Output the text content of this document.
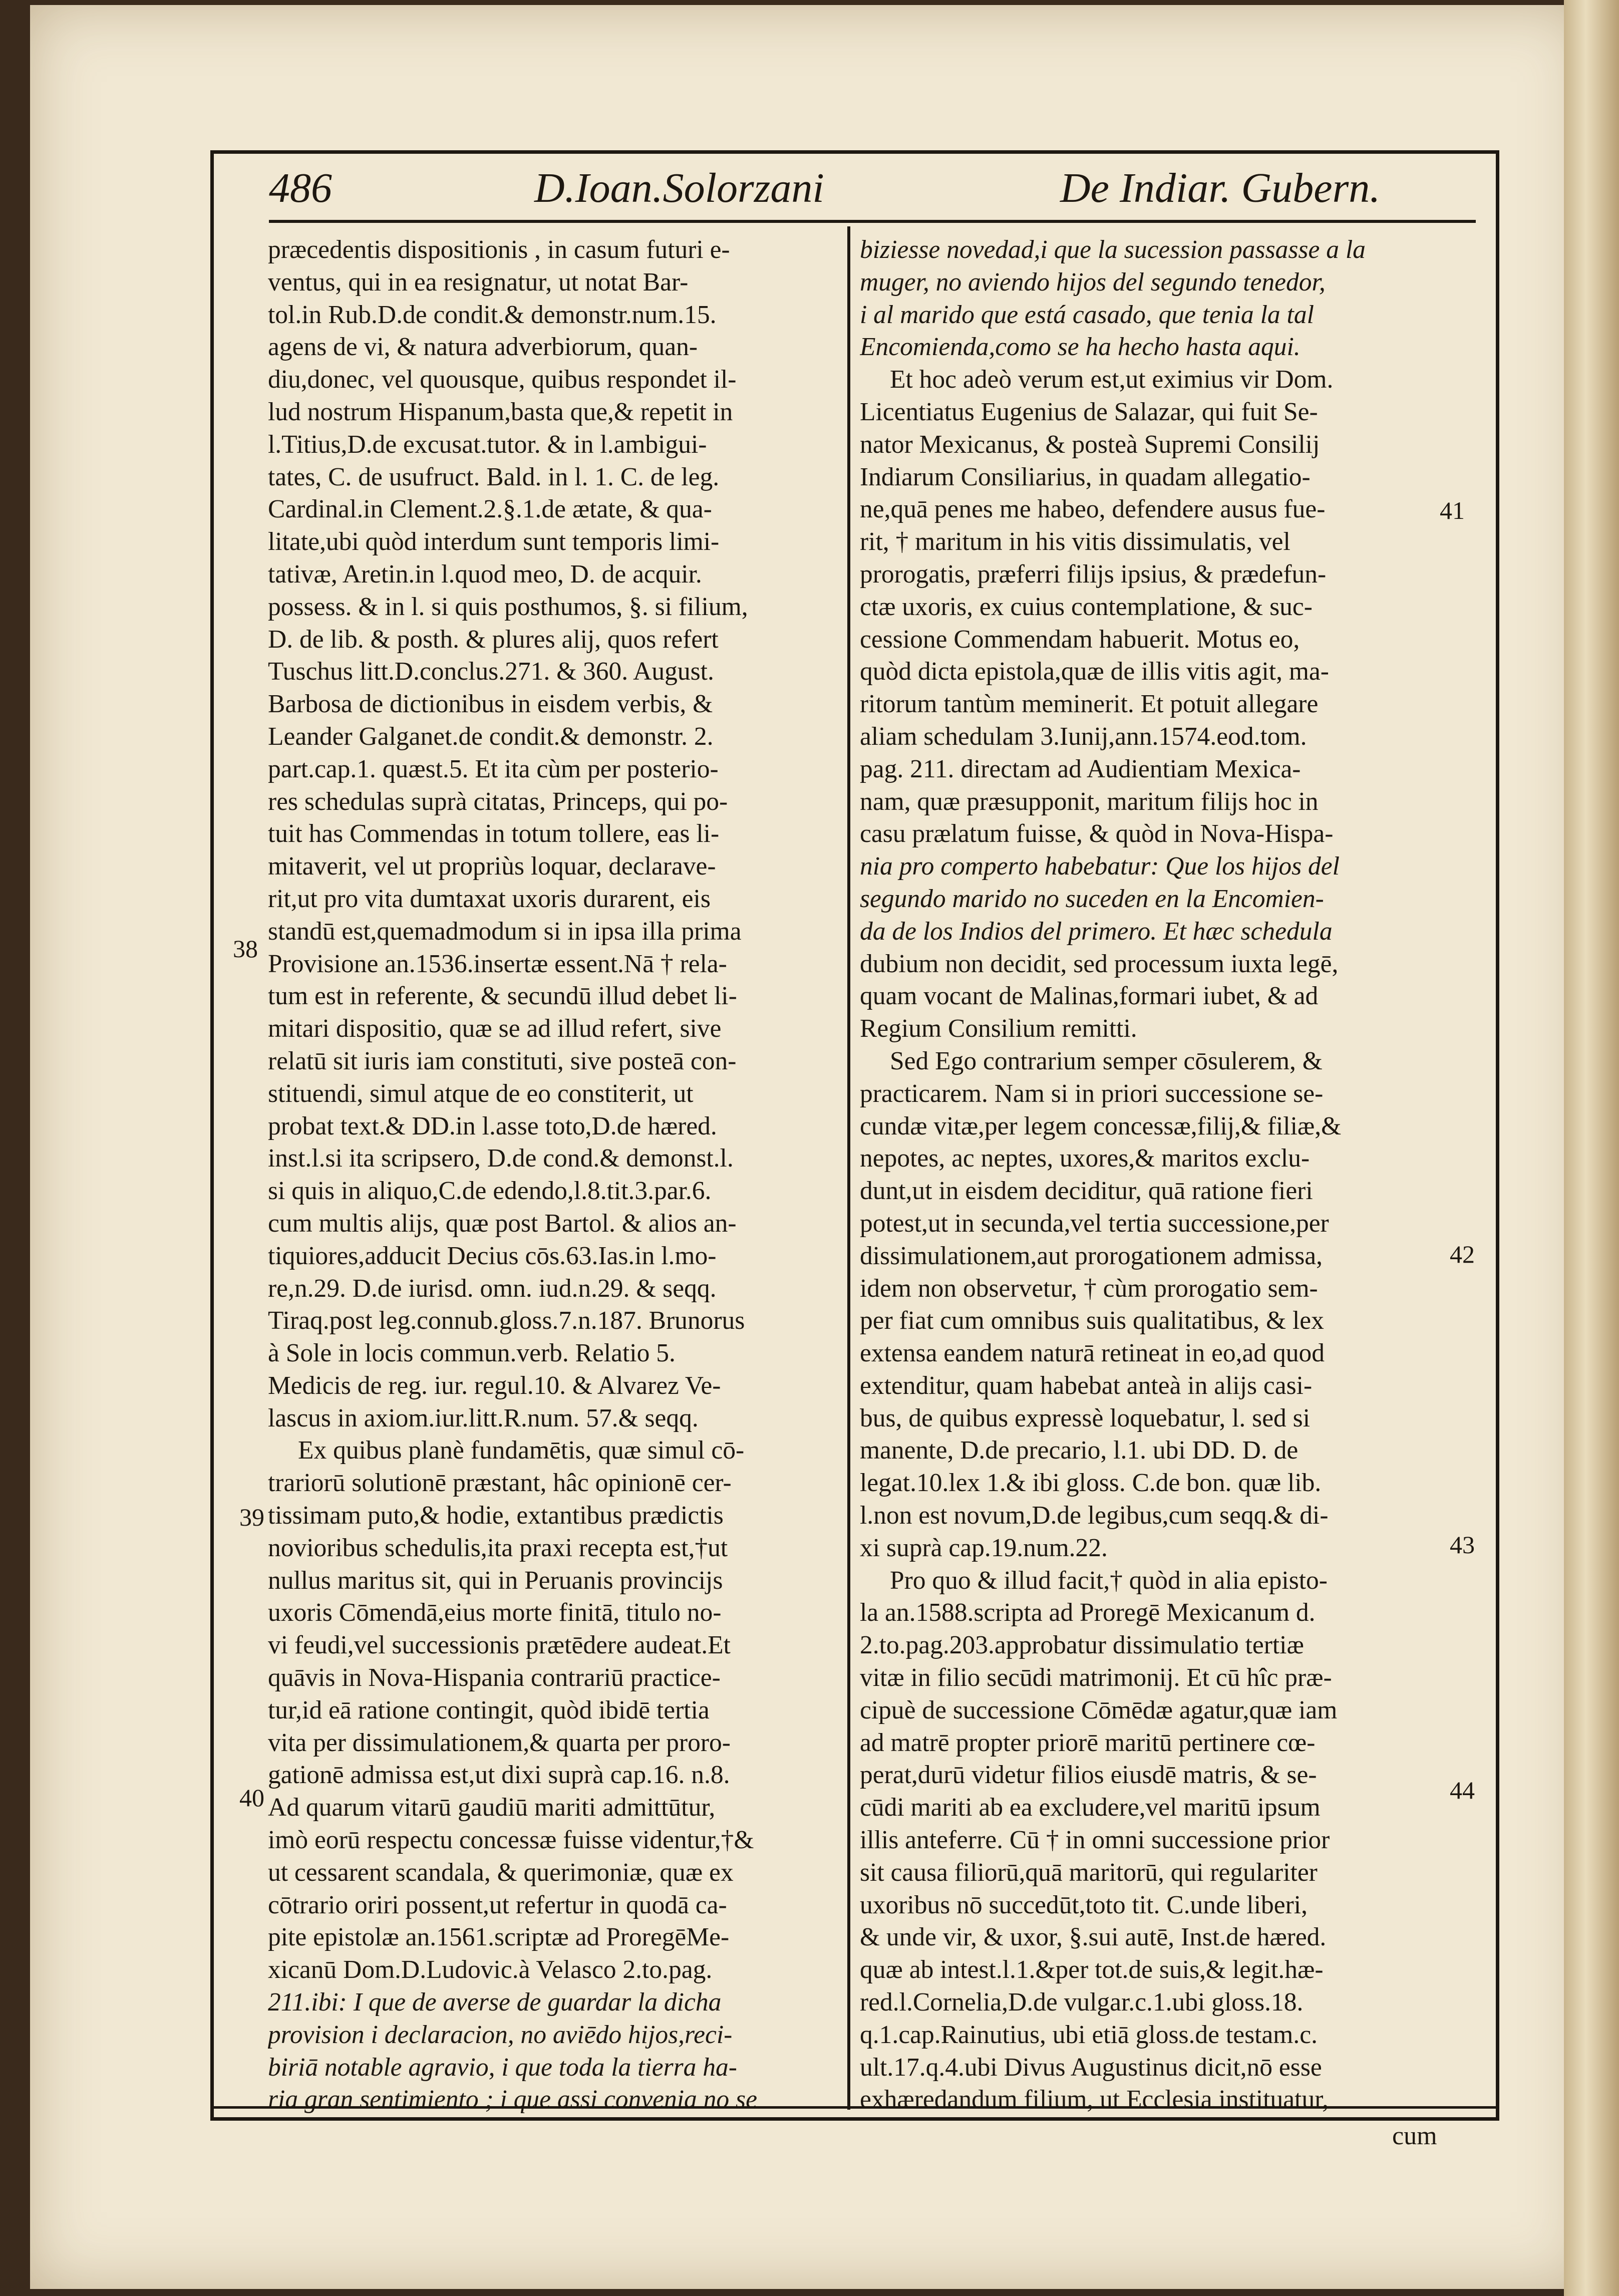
486	D.Ioan.Solorzani	De Indiar. Gubern.
præcedentis dispositionis , in casum futuri e-
ventus, qui in ea resignatur, ut notat Bar-
tol.in Rub.D.de condit.& demonstr.num.15.
agens de vi, & natura adverbiorum, quan-
diu,donec, vel quousque, quibus respondet il-
lud nostrum Hispanum,basta que,& repetit in
l.Titius,D.de excusat.tutor. & in l.ambigui-
tates, C. de usufruct. Bald. in l. 1. C. de leg.
Cardinal.in Clement.2.§.1.de ætate, & qua-
litate,ubi quòd interdum sunt temporis limi-
tativæ, Aretin.in l.quod meo, D. de acquir.
possess. & in l. si quis posthumos, §. si filium,
D. de lib. & posth. & plures alij, quos refert
Tuschus litt.D.conclus.271. & 360. August.
Barbosa de dictionibus in eisdem verbis, &
Leander Galganet.de condit.& demonstr. 2.
part.cap.1. quæst.5. Et ita cùm per posterio-
res schedulas suprà citatas, Princeps, qui po-
tuit has Commendas in totum tollere, eas li-
mitaverit, vel ut propriùs loquar, declarave-
rit,ut pro vita dumtaxat uxoris durarent, eis
standū est,quemadmodum si in ipsa illa prima
Provisione an.1536.insertæ essent.Nā † rela-
tum est in referente, & secundū illud debet li-
mitari dispositio, quæ se ad illud refert, sive
relatū sit iuris iam constituti, sive posteā con-
stituendi, simul atque de eo constiterit, ut
probat text.& DD.in l.asse toto,D.de hæred.
inst.l.si ita scripsero, D.de cond.& demonst.l.
si quis in aliquo,C.de edendo,l.8.tit.3.par.6.
cum multis alijs, quæ post Bartol. & alios an-
tiquiores,adducit Decius cōs.63.Ias.in l.mo-
re,n.29. D.de iurisd. omn. iud.n.29. & seqq.
Tiraq.post leg.connub.gloss.7.n.187. Brunorus
à Sole in locis commun.verb. Relatio 5.
Medicis de reg. iur. regul.10. & Alvarez Ve-
lascus in axiom.iur.litt.R.num. 57.& seqq.
Ex quibus planè fundamētis, quæ simul cō-
trariorū solutionē præstant, hâc opinionē cer-
tissimam puto,& hodie, extantibus prædictis
novioribus schedulis,ita praxi recepta est,†ut
nullus maritus sit, qui in Peruanis provincijs
uxoris Cōmendā,eius morte finitā, titulo no-
vi feudi,vel successionis prætēdere audeat.Et
quāvis in Nova-Hispania contrariū practice-
tur,id eā ratione contingit, quòd ibidē tertia
vita per dissimulationem,& quarta per proro-
gationē admissa est,ut dixi suprà cap.16. n.8.
Ad quarum vitarū gaudiū mariti admittūtur,
imò eorū respectu concessæ fuisse videntur,†&
ut cessarent scandala, & querimoniæ, quæ ex
cōtrario oriri possent,ut refertur in quodā ca-
pite epistolæ an.1561.scriptæ ad ProregēMe-
xicanū Dom.D.Ludovic.à Velasco 2.to.pag.
211.ibi: I que de averse de guardar la dicha
provision i declaracion, no aviēdo hijos,reci-
biriā notable agravio, i que toda la tierra ha-
ria gran sentimiento ; i que assi convenia no se
biziesse novedad,i que la sucession passasse a la
muger, no aviendo hijos del segundo tenedor,
i al marido que está casado, que tenia la tal
Encomienda,como se ha hecho hasta aqui.
Et hoc adeò verum est,ut eximius vir Dom.
Licentiatus Eugenius de Salazar, qui fuit Se-
nator Mexicanus, & posteà Supremi Consilij
Indiarum Consiliarius, in quadam allegatio-
ne,quā penes me habeo, defendere ausus fue-
rit, † maritum in his vitis dissimulatis, vel
prorogatis, præferri filijs ipsius, & prædefun-
ctæ uxoris, ex cuius contemplatione, & suc-
cessione Commendam habuerit. Motus eo,
quòd dicta epistola,quæ de illis vitis agit, ma-
ritorum tantùm meminerit. Et potuit allegare
aliam schedulam 3.Iunij,ann.1574.eod.tom.
pag. 211. directam ad Audientiam Mexica-
nam, quæ præsupponit, maritum filijs hoc in
casu prælatum fuisse, & quòd in Nova-Hispa-
nia pro comperto habebatur: Que los hijos del
segundo marido no suceden en la Encomien-
da de los Indios del primero. Et hæc schedula
dubium non decidit, sed processum iuxta legē,
quam vocant de Malinas,formari iubet, & ad
Regium Consilium remitti.
Sed Ego contrarium semper cōsulerem, &
practicarem. Nam si in priori successione se-
cundæ vitæ,per legem concessæ,filij,& filiæ,&
nepotes, ac neptes, uxores,& maritos exclu-
dunt,ut in eisdem deciditur, quā ratione fieri
potest,ut in secunda,vel tertia successione,per
dissimulationem,aut prorogationem admissa,
idem non observetur, † cùm prorogatio sem-
per fiat cum omnibus suis qualitatibus, & lex
extensa eandem naturā retineat in eo,ad quod
extenditur, quam habebat anteà in alijs casi-
bus, de quibus expressè loquebatur, l. sed si
manente, D.de precario, l.1. ubi DD. D. de
legat.10.lex 1.& ibi gloss. C.de bon. quæ lib.
l.non est novum,D.de legibus,cum seqq.& di-
xi suprà cap.19.num.22.
Pro quo & illud facit,† quòd in alia episto-
la an.1588.scripta ad Proregē Mexicanum d.
2.to.pag.203.approbatur dissimulatio tertiæ
vitæ in filio secūdi matrimonij. Et cū hîc præ-
cipuè de successione Cōmēdæ agatur,quæ iam
ad matrē propter priorē maritū pertinere cœ-
perat,durū videtur filios eiusdē matris, & se-
cūdi mariti ab ea excludere,vel maritū ipsum
illis anteferre. Cū † in omni successione prior
sit causa filiorū,quā maritorū, qui regulariter
uxoribus nō succedūt,toto tit. C.unde liberi,
& unde vir, & uxor, §.sui autē, Inst.de hæred.
quæ ab intest.l.1.&per tot.de suis,& legit.hæ-
red.l.Cornelia,D.de vulgar.c.1.ubi gloss.18.
q.1.cap.Rainutius, ubi etiā gloss.de testam.c.
ult.17.q.4.ubi Divus Augustinus dicit,nō esse
exhæredandum filium, ut Ecclesia instituatur,
38
39
40
41
42
43
44
cum
